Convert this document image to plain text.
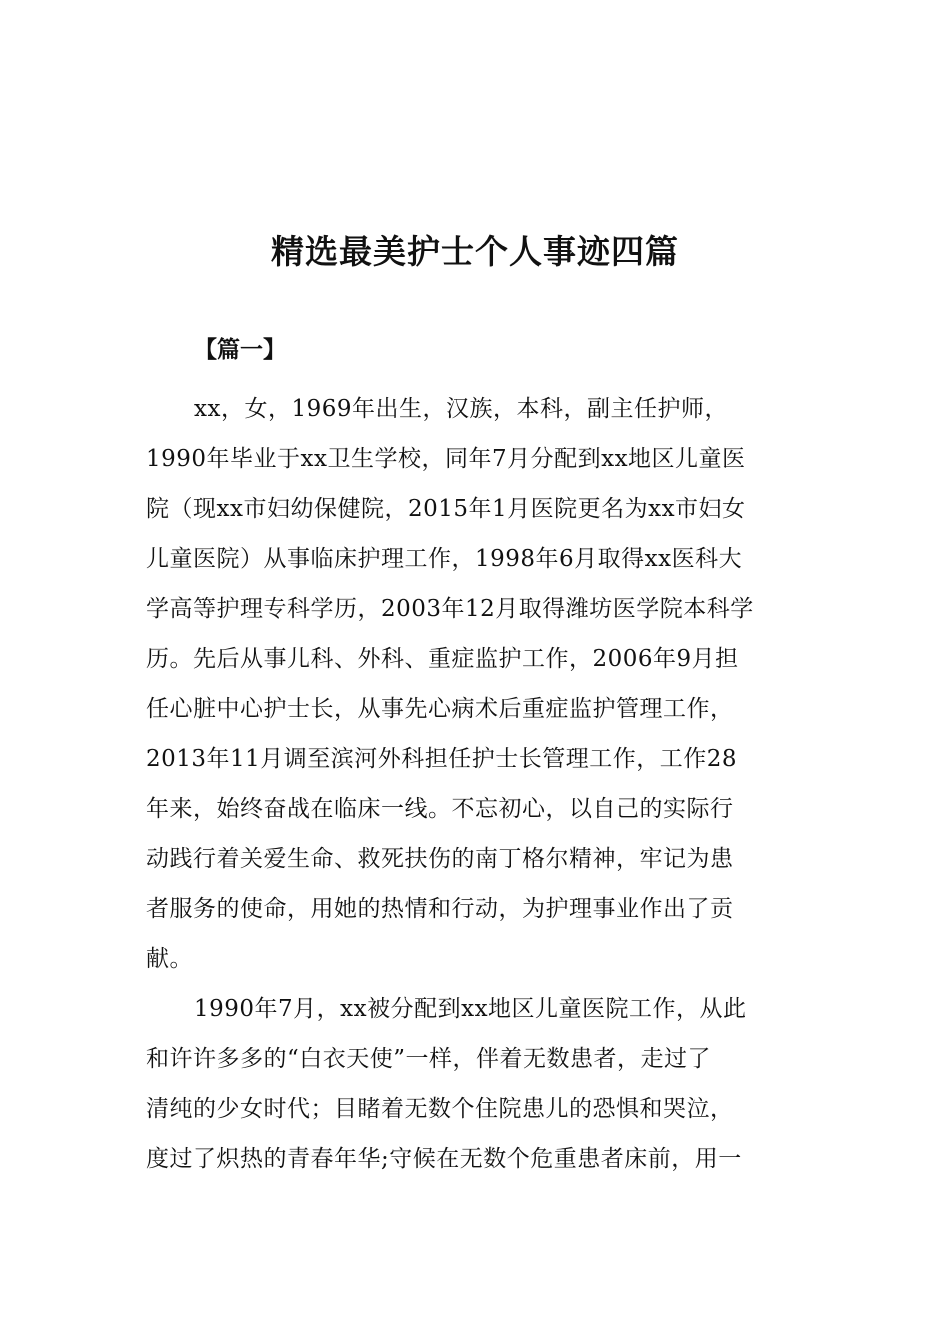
精选最美护士个人事迹四篇

【篇一】

xx，女，1969年出生，汉族，本科，副主任护师，
1990年毕业于xx卫生学校，同年7月分配到xx地区儿童医
院（现xx市妇幼保健院，2015年1月医院更名为xx市妇女
儿童医院）从事临床护理工作，1998年6月取得xx医科大
学高等护理专科学历，2003年12月取得潍坊医学院本科学
历。先后从事儿科、外科、重症监护工作，2006年9月担
任心脏中心护士长，从事先心病术后重症监护管理工作，
2013年11月调至滨河外科担任护士长管理工作，工作28
年来，始终奋战在临床一线。不忘初心，以自己的实际行
动践行着关爱生命、救死扶伤的南丁格尔精神，牢记为患
者服务的使命，用她的热情和行动，为护理事业作出了贡
献。
1990年7月，xx被分配到xx地区儿童医院工作，从此
和许许多多的“白衣天使”一样，伴着无数患者，走过了
清纯的少女时代；目睹着无数个住院患儿的恐惧和哭泣，
度过了炽热的青春年华;守候在无数个危重患者床前，用一
